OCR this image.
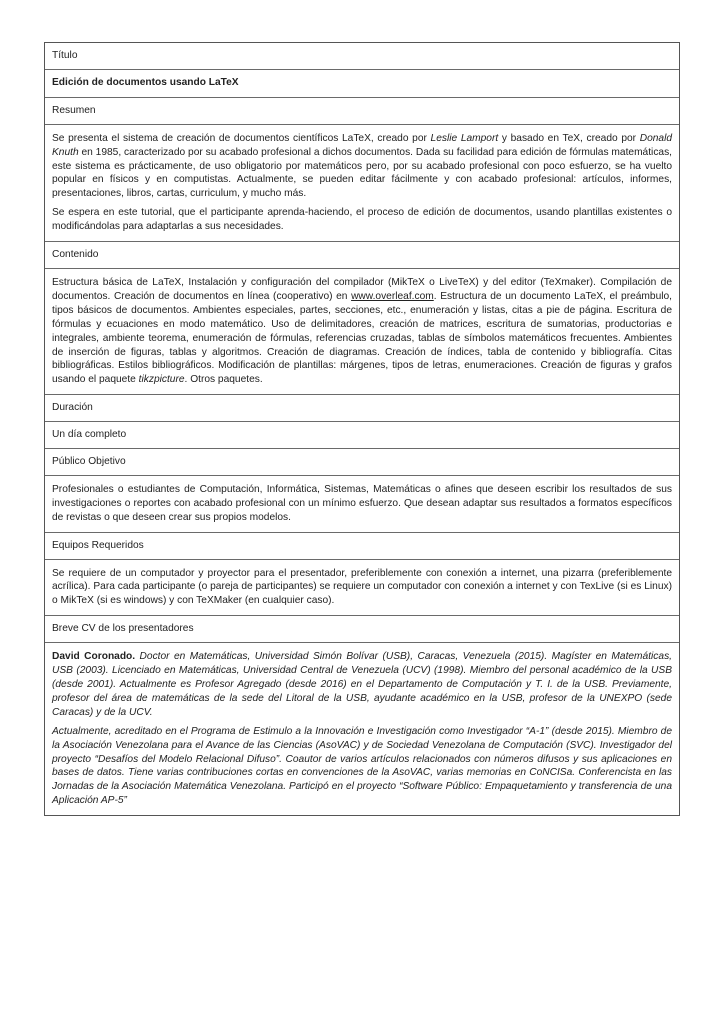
Título
Edición de documentos usando LaTeX
Resumen

Se presenta el sistema de creación de documentos científicos LaTeX, creado por Leslie Lamport y basado en TeX, creado por Donald Knuth en 1985, caracterizado por su acabado profesional a dichos documentos. Dada su facilidad para edición de fórmulas matemáticas, este sistema es prácticamente, de uso obligatorio por matemáticos pero, por su acabado profesional con poco esfuerzo, se ha vuelto popular en físicos y en computistas. Actualmente, se pueden editar fácilmente y con acabado profesional: artículos, informes, presentaciones, libros, cartas, curriculum, y mucho más.

Se espera en este tutorial, que el participante aprenda-haciendo, el proceso de edición de documentos, usando plantillas existentes o modificándolas para adaptarlas a sus necesidades.

Contenido

Estructura básica de LaTeX, Instalación y configuración del compilador (MikTeX o LiveTeX) y del editor (TeXmaker). Compilación de documentos. Creación de documentos en línea (cooperativo) en www.overleaf.com. Estructura de un documento LaTeX, el preámbulo, tipos básicos de documentos. Ambientes especiales, partes, secciones, etc., enumeración y listas, citas a pie de página. Escritura de fórmulas y ecuaciones en modo matemático. Uso de delimitadores, creación de matrices, escritura de sumatorias, productorias e integrales, ambiente teorema, enumeración de fórmulas, referencias cruzadas, tablas de símbolos matemáticos frecuentes. Ambientes de inserción de figuras, tablas y algoritmos. Creación de diagramas. Creación de índices, tabla de contenido y bibliografía. Citas bibliográficas. Estilos bibliográficos. Modificación de plantillas: márgenes, tipos de letras, enumeraciones. Creación de figuras y grafos usando el paquete tikzpicture. Otros paquetes.

Duración
Un día completo
Público Objetivo

Profesionales o estudiantes de Computación, Informática, Sistemas, Matemáticas o afines que deseen escribir los resultados de sus investigaciones o reportes con acabado profesional con un mínimo esfuerzo. Que desean adaptar sus resultados a formatos específicos de revistas o que deseen crear sus propios modelos.

Equipos Requeridos

Se requiere de un computador y proyector para el presentador, preferiblemente con conexión a internet, una pizarra (preferiblemente acrílica). Para cada participante (o pareja de participantes) se requiere un computador con conexión a internet y con TexLive (si es Linux) o MikTeX (si es windows) y con TeXMaker (en cualquier caso).

Breve CV de los presentadores

David Coronado. Doctor en Matemáticas, Universidad Simón Bolívar (USB), Caracas, Venezuela (2015). Magíster en Matemáticas, USB (2003). Licenciado en Matemáticas, Universidad Central de Venezuela (UCV) (1998). Miembro del personal académico de la USB (desde 2001). Actualmente es Profesor Agregado (desde 2016) en el Departamento de Computación y T. I. de la USB. Previamente, profesor del área de matemáticas de la sede del Litoral de la USB, ayudante académico en la USB, profesor de la UNEXPO (sede Caracas) y de la UCV.

Actualmente, acreditado en el Programa de Estimulo a la Innovación e Investigación como Investigador “A-1” (desde 2015). Miembro de la Asociación Venezolana para el Avance de las Ciencias (AsoVAC) y de Sociedad Venezolana de Computación (SVC). Investigador del proyecto “Desafíos del Modelo Relacional Difuso”. Coautor de varios artículos relacionados con números difusos y sus aplicaciones en bases de datos. Tiene varias contribuciones cortas en convenciones de la AsoVAC, varias memorias en CoNCISa. Conferencista en las Jornadas de la Asociación Matemática Venezolana. Participó en el proyecto “Software Público: Empaquetamiento y transferencia de una Aplicación AP-5”
